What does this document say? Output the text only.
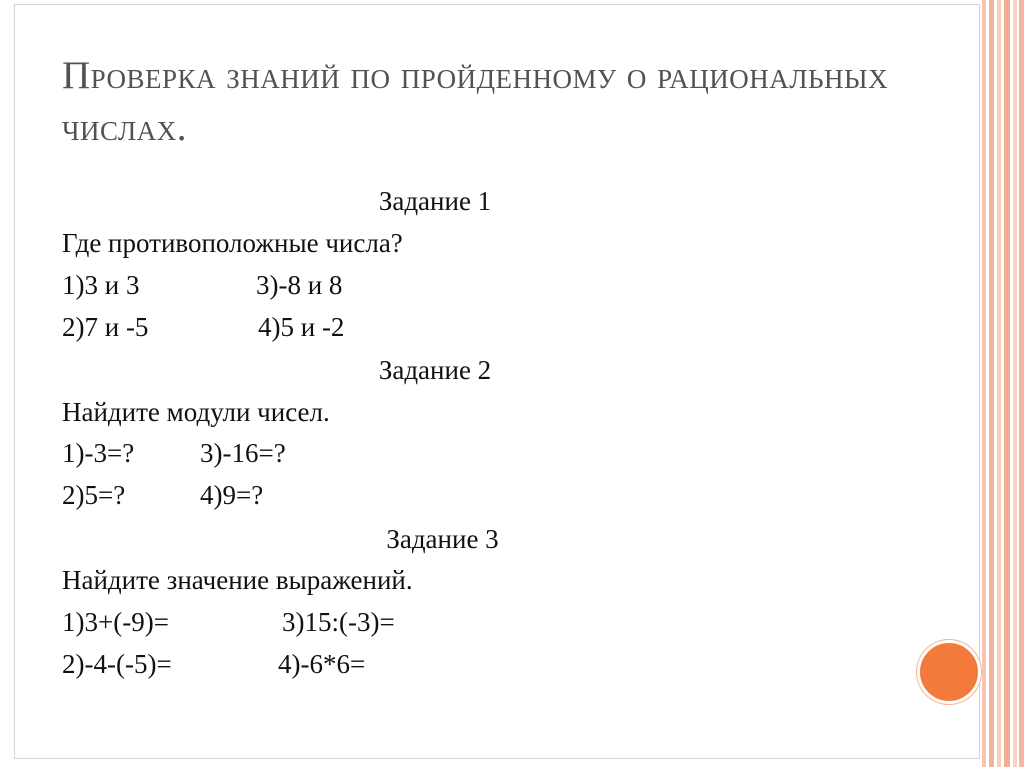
Проверка знаний по пройденному о рациональных числах.
Задание 1
Где противоположные числа?
1)3 и 3	3)-8 и 8
2)7 и -5	4)5 и -2
Задание 2
Найдите модули чисел.
1)-3=? 3)-16=?
2)5=?	4)9=?
Задание 3
Найдите значение выражений.
1)3+(-9)=	3)15:(-3)=
2)-4-(-5)=	4)-6*6=
